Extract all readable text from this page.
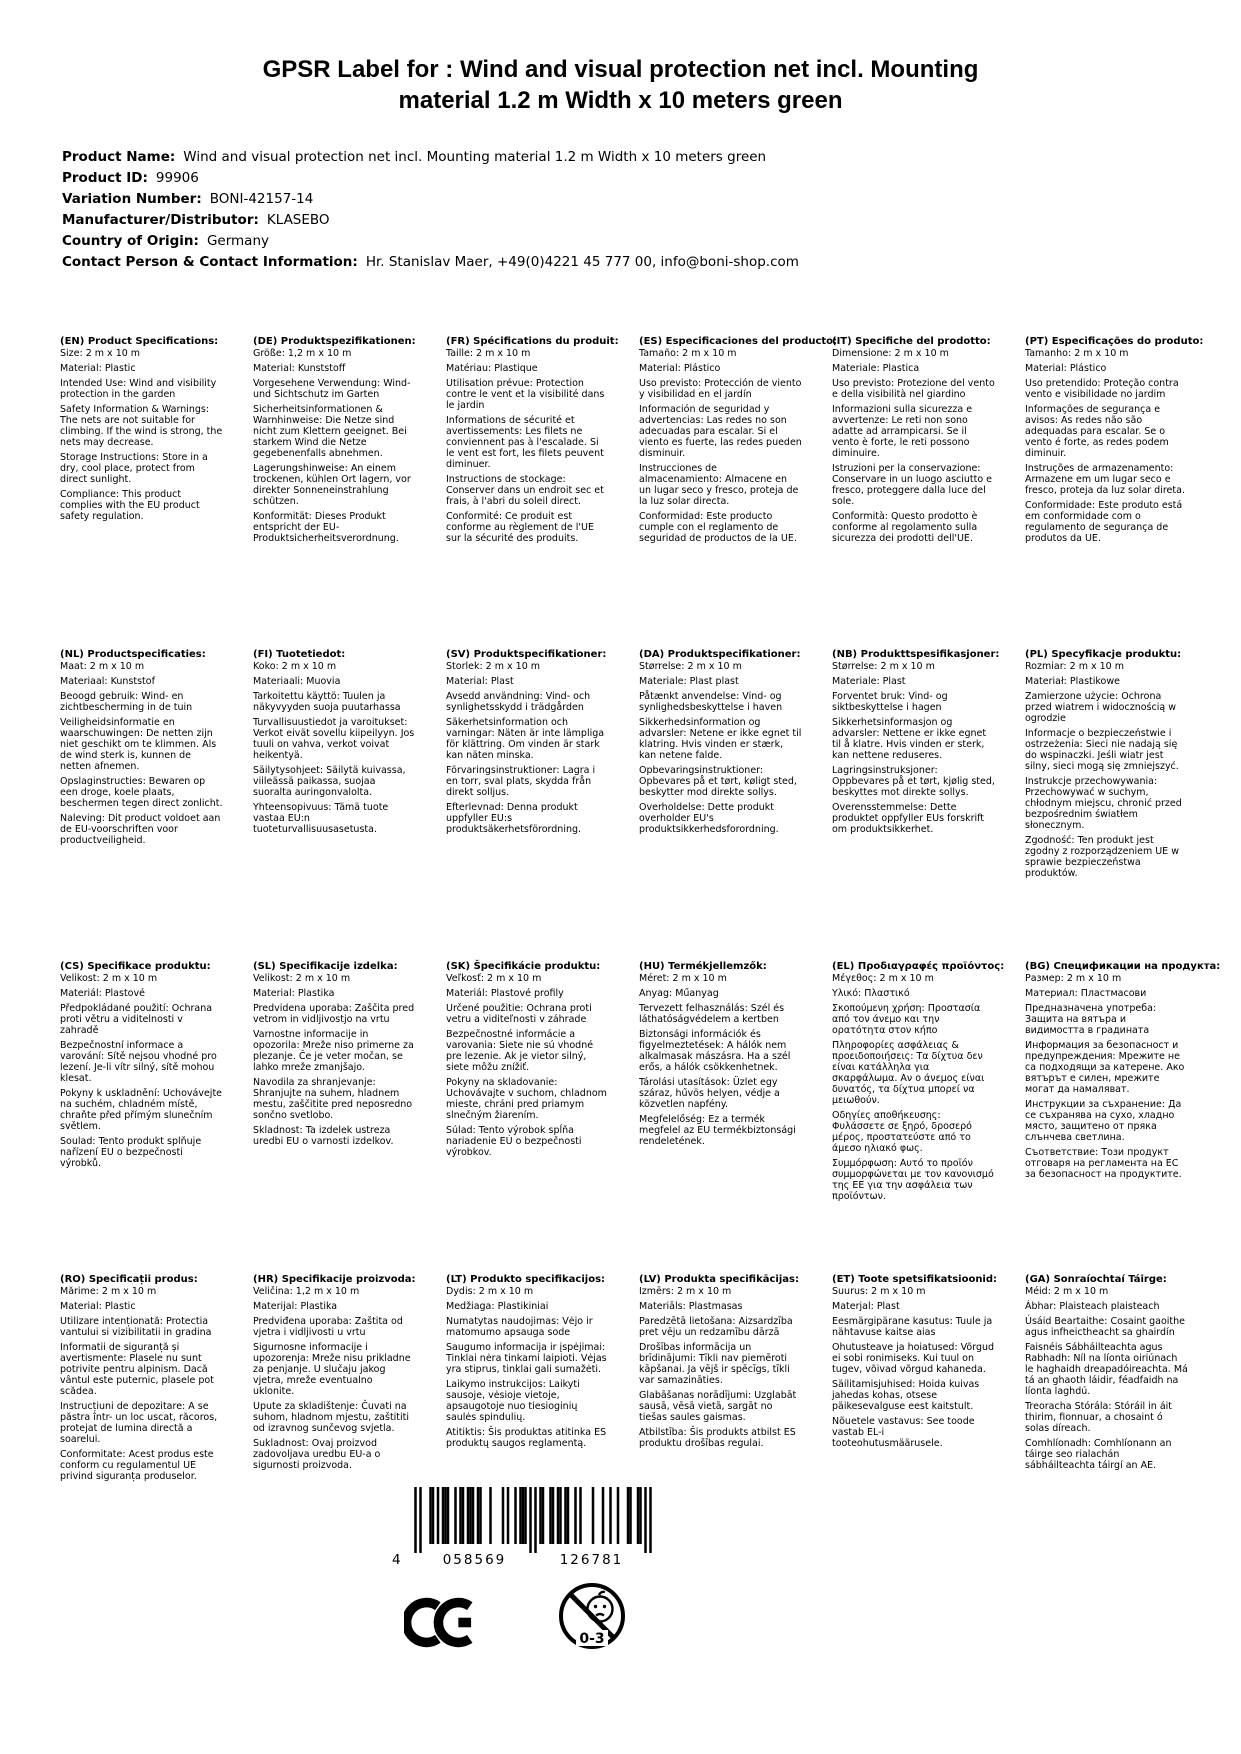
GPSR Label for : Wind and visual protection net incl. Mounting material 1.2 m Width x 10 meters green
Product Name: Wind and visual protection net incl. Mounting material 1.2 m Width x 10 meters green
Product ID: 99906
Variation Number: BONI-42157-14
Manufacturer/Distributor: KLASEBO
Country of Origin: Germany
Contact Person & Contact Information: Hr. Stanislav Maer, +49(0)4221 45 777 00, info@boni-shop.com
(EN) Product Specifications:

Size: 2 m x 10 m

Material: Plastic

Intended Use: Wind and visibility protection in the garden

Safety Information & Warnings: The nets are not suitable for climbing. If the wind is strong, the nets may decrease.

Storage Instructions: Store in a dry, cool place, protect from direct sunlight.

Compliance: This product complies with the EU product safety regulation.

(DE) Produktspezifikationen:

Größe: 1,2 m x 10 m

Material: Kunststoff

Vorgesehene Verwendung: Wind- und Sichtschutz im Garten

Sicherheitsinformationen & Warnhinweise: Die Netze sind nicht zum Klettern geeignet. Bei starkem Wind die Netze gegebenenfalls abnehmen.

Lagerungshinweise: An einem trockenen, kühlen Ort lagern, vor direkter Sonneneinstrahlung schützen.

Konformität: Dieses Produkt entspricht der EU-Produktsicherheitsverordnung.

(FR) Spécifications du produit:

Taille: 2 m x 10 m

Matériau: Plastique

Utilisation prévue: Protection contre le vent et la visibilité dans le jardin

Informations de sécurité et avertissements: Les filets ne conviennent pas à l'escalade. Si le vent est fort, les filets peuvent diminuer.

Instructions de stockage: Conserver dans un endroit sec et frais, à l'abri du soleil direct.

Conformité: Ce produit est conforme au règlement de l'UE sur la sécurité des produits.

(ES) Especificaciones del producto:

Tamaño: 2 m x 10 m

Material: Plástico

Uso previsto: Protección de viento y visibilidad en el jardín

Información de seguridad y advertencias: Las redes no son adecuadas para escalar. Si el viento es fuerte, las redes pueden disminuir.

Instrucciones de almacenamiento: Almacene en un lugar seco y fresco, proteja de la luz solar directa.

Conformidad: Este producto cumple con el reglamento de seguridad de productos de la UE.

(IT) Specifiche del prodotto:

Dimensione: 2 m x 10 m

Materiale: Plastica

Uso previsto: Protezione del vento e della visibilità nel giardino

Informazioni sulla sicurezza e avvertenze: Le reti non sono adatte ad arrampicarsi. Se il vento è forte, le reti possono diminuire.

Istruzioni per la conservazione: Conservare in un luogo asciutto e fresco, proteggere dalla luce del sole.

Conformità: Questo prodotto è conforme al regolamento sulla sicurezza dei prodotti dell'UE.

(PT) Especificações do produto:

Tamanho: 2 m x 10 m

Material: Plástico

Uso pretendido: Proteção contra vento e visibilidade no jardim

Informações de segurança e avisos: As redes não são adequadas para escalar. Se o vento é forte, as redes podem diminuir.

Instruções de armazenamento: Armazene em um lugar seco e fresco, proteja da luz solar direta.

Conformidade: Este produto está em conformidade com o regulamento de segurança de produtos da UE.

(NL) Productspecificaties:

Maat: 2 m x 10 m

Materiaal: Kunststof

Beoogd gebruik: Wind- en zichtbescherming in de tuin

Veiligheidsinformatie en waarschuwingen: De netten zijn niet geschikt om te klimmen. Als de wind sterk is, kunnen de netten afnemen.

Opslaginstructies: Bewaren op een droge, koele plaats, beschermen tegen direct zonlicht.

Naleving: Dit product voldoet aan de EU-voorschriften voor productveiligheid.

(FI) Tuotetiedot:

Koko: 2 m x 10 m

Materiaali: Muovia

Tarkoitettu käyttö: Tuulen ja näkyvyyden suoja puutarhassa

Turvallisuustiedot ja varoitukset: Verkot eivät sovellu kiipeilyyn. Jos tuuli on vahva, verkot voivat heikentyä.

Säilytysohjeet: Säilytä kuivassa, viileässä paikassa, suojaa suoralta auringonvalolta.

Yhteensopivuus: Tämä tuote vastaa EU:n tuoteturvallisuusasetusta.

(SV) Produktspecifikationer:

Storlek: 2 m x 10 m

Material: Plast

Avsedd användning: Vind- och synlighetsskydd i trädgården

Säkerhetsinformation och varningar: Näten är inte lämpliga för klättring. Om vinden är stark kan näten minska.

Förvaringsinstruktioner: Lagra i en torr, sval plats, skydda från direkt solljus.

Efterlevnad: Denna produkt uppfyller EU:s produktsäkerhetsförordning.

(DA) Produktspecifikationer:

Størrelse: 2 m x 10 m

Materiale: Plast plast

Påtænkt anvendelse: Vind- og synlighedsbeskyttelse i haven

Sikkerhedsinformation og advarsler: Netene er ikke egnet til klatring. Hvis vinden er stærk, kan netene falde.

Opbevaringsinstruktioner: Opbevares på et tørt, køligt sted, beskytter mod direkte sollys.

Overholdelse: Dette produkt overholder EU's produktsikkerhedsforordning.

(NB) Produkttspesifikasjoner:

Størrelse: 2 m x 10 m

Materiale: Plast

Forventet bruk: Vind- og siktbeskyttelse i hagen

Sikkerhetsinformasjon og advarsler: Nettene er ikke egnet til å klatre. Hvis vinden er sterk, kan nettene reduseres.

Lagringsinstruksjoner: Oppbevares på et tørt, kjølig sted, beskyttes mot direkte sollys.

Overensstemmelse: Dette produktet oppfyller EUs forskrift om produktsikkerhet.

(PL) Specyfikacje produktu:

Rozmiar: 2 m x 10 m

Materiał: Plastikowe

Zamierzone użycie: Ochrona przed wiatrem i widocznością w ogrodzie

Informacje o bezpieczeństwie i ostrzeżenia: Sieci nie nadają się do wspinaczki. Jeśli wiatr jest silny, sieci mogą się zmniejszyć.

Instrukcje przechowywania: Przechowywać w suchym, chłodnym miejscu, chronić przed bezpośrednim światłem słonecznym.

Zgodność: Ten produkt jest zgodny z rozporządzeniem UE w sprawie bezpieczeństwa produktów.

(CS) Specifikace produktu:

Velikost: 2 m x 10 m

Materiál: Plastové

Předpokládané použití: Ochrana proti větru a viditelnosti v zahradě

Bezpečnostní informace a varování: Sítě nejsou vhodné pro lezení. Je-li vítr silný, sítě mohou klesat.

Pokyny k uskladnění: Uchovávejte na suchém, chladném místě, chraňte před přímým slunečním světlem.

Soulad: Tento produkt splňuje nařízení EU o bezpečnosti výrobků.

(SL) Specifikacije izdelka:

Velikost: 2 m x 10 m

Material: Plastika

Predvidena uporaba: Zaščita pred vetrom in vidljivostjo na vrtu

Varnostne informacije in opozorila: Mreže niso primerne za plezanje. Če je veter močan, se lahko mreže zmanjšajo.

Navodila za shranjevanje: Shranjujte na suhem, hladnem mestu, zaščitite pred neposredno sončno svetlobo.

Skladnost: Ta izdelek ustreza uredbi EU o varnosti izdelkov.

(SK) Špecifikácie produktu:

Veľkosť: 2 m x 10 m

Materiál: Plastové profily

Určené použitie: Ochrana proti vetru a viditeľnosti v záhrade

Bezpečnostné informácie a varovania: Siete nie sú vhodné pre lezenie. Ak je vietor silný, siete môžu znížiť.

Pokyny na skladovanie: Uchovávajte v suchom, chladnom mieste, chráni pred priamym slnečným žiarením.

Súlad: Tento výrobok spĺňa nariadenie EÚ o bezpečnosti výrobkov.

(HU) Termékjellemzők:

Méret: 2 m x 10 m

Anyag: Műanyag

Tervezett felhasználás: Szél és láthatóságvédelem a kertben

Biztonsági információk és figyelmeztetések: A hálók nem alkalmasak mászásra. Ha a szél erős, a hálók csökkenhetnek.

Tárolási utasítások: Üzlet egy száraz, hűvös helyen, védje a közvetlen napfény.

Megfelelőség: Ez a termék megfelel az EU termékbiztonsági rendeletének.

(EL) Προδιαγραφές προϊόντος:

Μέγεθος: 2 m x 10 m

Υλικό: Πλαστικό

Σκοπούμενη χρήση: Προστασία από τον άνεμο και την ορατότητα στον κήπο

Πληροφορίες ασφάλειας & προειδοποιήσεις: Τα δίχτυα δεν είναι κατάλληλα για σκαρφάλωμα. Αν ο άνεμος είναι δυνατός, τα δίχτυα μπορεί να μειωθούν.

Οδηγίες αποθήκευσης: Φυλάσσετε σε ξηρό, δροσερό μέρος, προστατεύστε από το άμεσο ηλιακό φως.

Συμμόρφωση: Αυτό το προϊόν συμμορφώνεται με τον κανονισμό της ΕΕ για την ασφάλεια των προϊόντων.

(BG) Спецификации на продукта:

Размер: 2 m x 10 m

Материал: Пластмасови

Предназначена употреба: Защита на вятъра и видимостта в градината

Информация за безопасност и предупреждения: Мрежите не са подходящи за катерене. Ако вятърът е силен, мрежите могат да намаляват.

Инструкции за съхранение: Да се съхранява на сухо, хладно място, защитено от пряка слънчева светлина.

Съответствие: Този продукт отговаря на регламента на ЕС за безопасност на продуктите.

(RO) Specificații produs:

Mărime: 2 m x 10 m

Material: Plastic

Utilizare intenționată: Protectia vantului si vizibilitatii in gradina

Informatii de siguranță și avertismente: Plasele nu sunt potrivite pentru alpinism. Dacă vântul este puternic, plasele pot scădea.

Instrucțiuni de depozitare: A se păstra într- un loc uscat, răcoros, protejat de lumina directă a soarelui.

Conformitate: Acest produs este conform cu regulamentul UE privind siguranța produselor.

(HR) Specifikacije proizvoda:

Veličina: 1,2 m x 10 m

Materijal: Plastika

Predviđena uporaba: Zaštita od vjetra i vidljivosti u vrtu

Sigurnosne informacije i upozorenja: Mreže nisu prikladne za penjanje. U slučaju jakog vjetra, mreže eventualno uklonite.

Upute za skladištenje: Čuvati na suhom, hladnom mjestu, zaštititi od izravnog sunčevog svjetla.

Sukladnost: Ovaj proizvod zadovoljava uredbu EU-a o sigurnosti proizvoda.

(LT) Produkto specifikacijos:

Dydis: 2 m x 10 m

Medžiaga: Plastikiniai

Numatytas naudojimas: Vėjo ir matomumo apsauga sode

Saugumo informacija ir įspėjimai: Tinklai nėra tinkami laipioti. Vėjas yra stiprus, tinklai gali sumažėti.

Laikymo instrukcijos: Laikyti sausoje, vėsioje vietoje, apsaugotoje nuo tiesioginių saulės spindulių.

Atitiktis: Šis produktas atitinka ES produktų saugos reglamentą.

(LV) Produkta specifikācijas:

Izmērs: 2 m x 10 m

Materiāls: Plastmasas

Paredzētā lietošana: Aizsardzība pret vēju un redzamību dārzā

Drošības informācija un brīdinājumi: Tīkli nav piemēroti kāpšanai. Ja vējš ir spēcīgs, tīkli var samazināties.

Glabāšanas norādījumi: Uzglabāt sausā, vēsā vietā, sargāt no tiešas saules gaismas.

Atbilstība: Šis produkts atbilst ES produktu drošības regulai.

(ET) Toote spetsifikatsioonid:

Suurus: 2 m x 10 m

Materjal: Plast

Eesmärgipärane kasutus: Tuule ja nähtavuse kaitse aias

Ohutusteave ja hoiatused: Võrgud ei sobi ronimiseks. Kui tuul on tugev, võivad võrgud kahaneda.

Säilitamisjuhised: Hoida kuivas jahedas kohas, otsese päikesevalguse eest kaitstult.

Nõuetele vastavus: See toode vastab EL-i tooteohutusmäärusele.

(GA) Sonraíochtaí Táirge:

Méid: 2 m x 10 m

Ábhar: Plaisteach plaisteach

Úsáid Beartaithe: Cosaint gaoithe agus infheictheacht sa ghairdín

Faisnéis Sábháilteachta agus Rabhadh: Níl na líonta oiriúnach le haghaidh dreapadóireachta. Má tá an ghaoth láidir, féadfaidh na líonta laghdú.

Treoracha Stórála: Stóráil in áit thirim, fionnuar, a chosaint ó solas díreach.

Comhlíonadh: Comhlíonann an táirge seo rialachán sábháilteachta táirgí an AE.

4	058569	126781
0-3
